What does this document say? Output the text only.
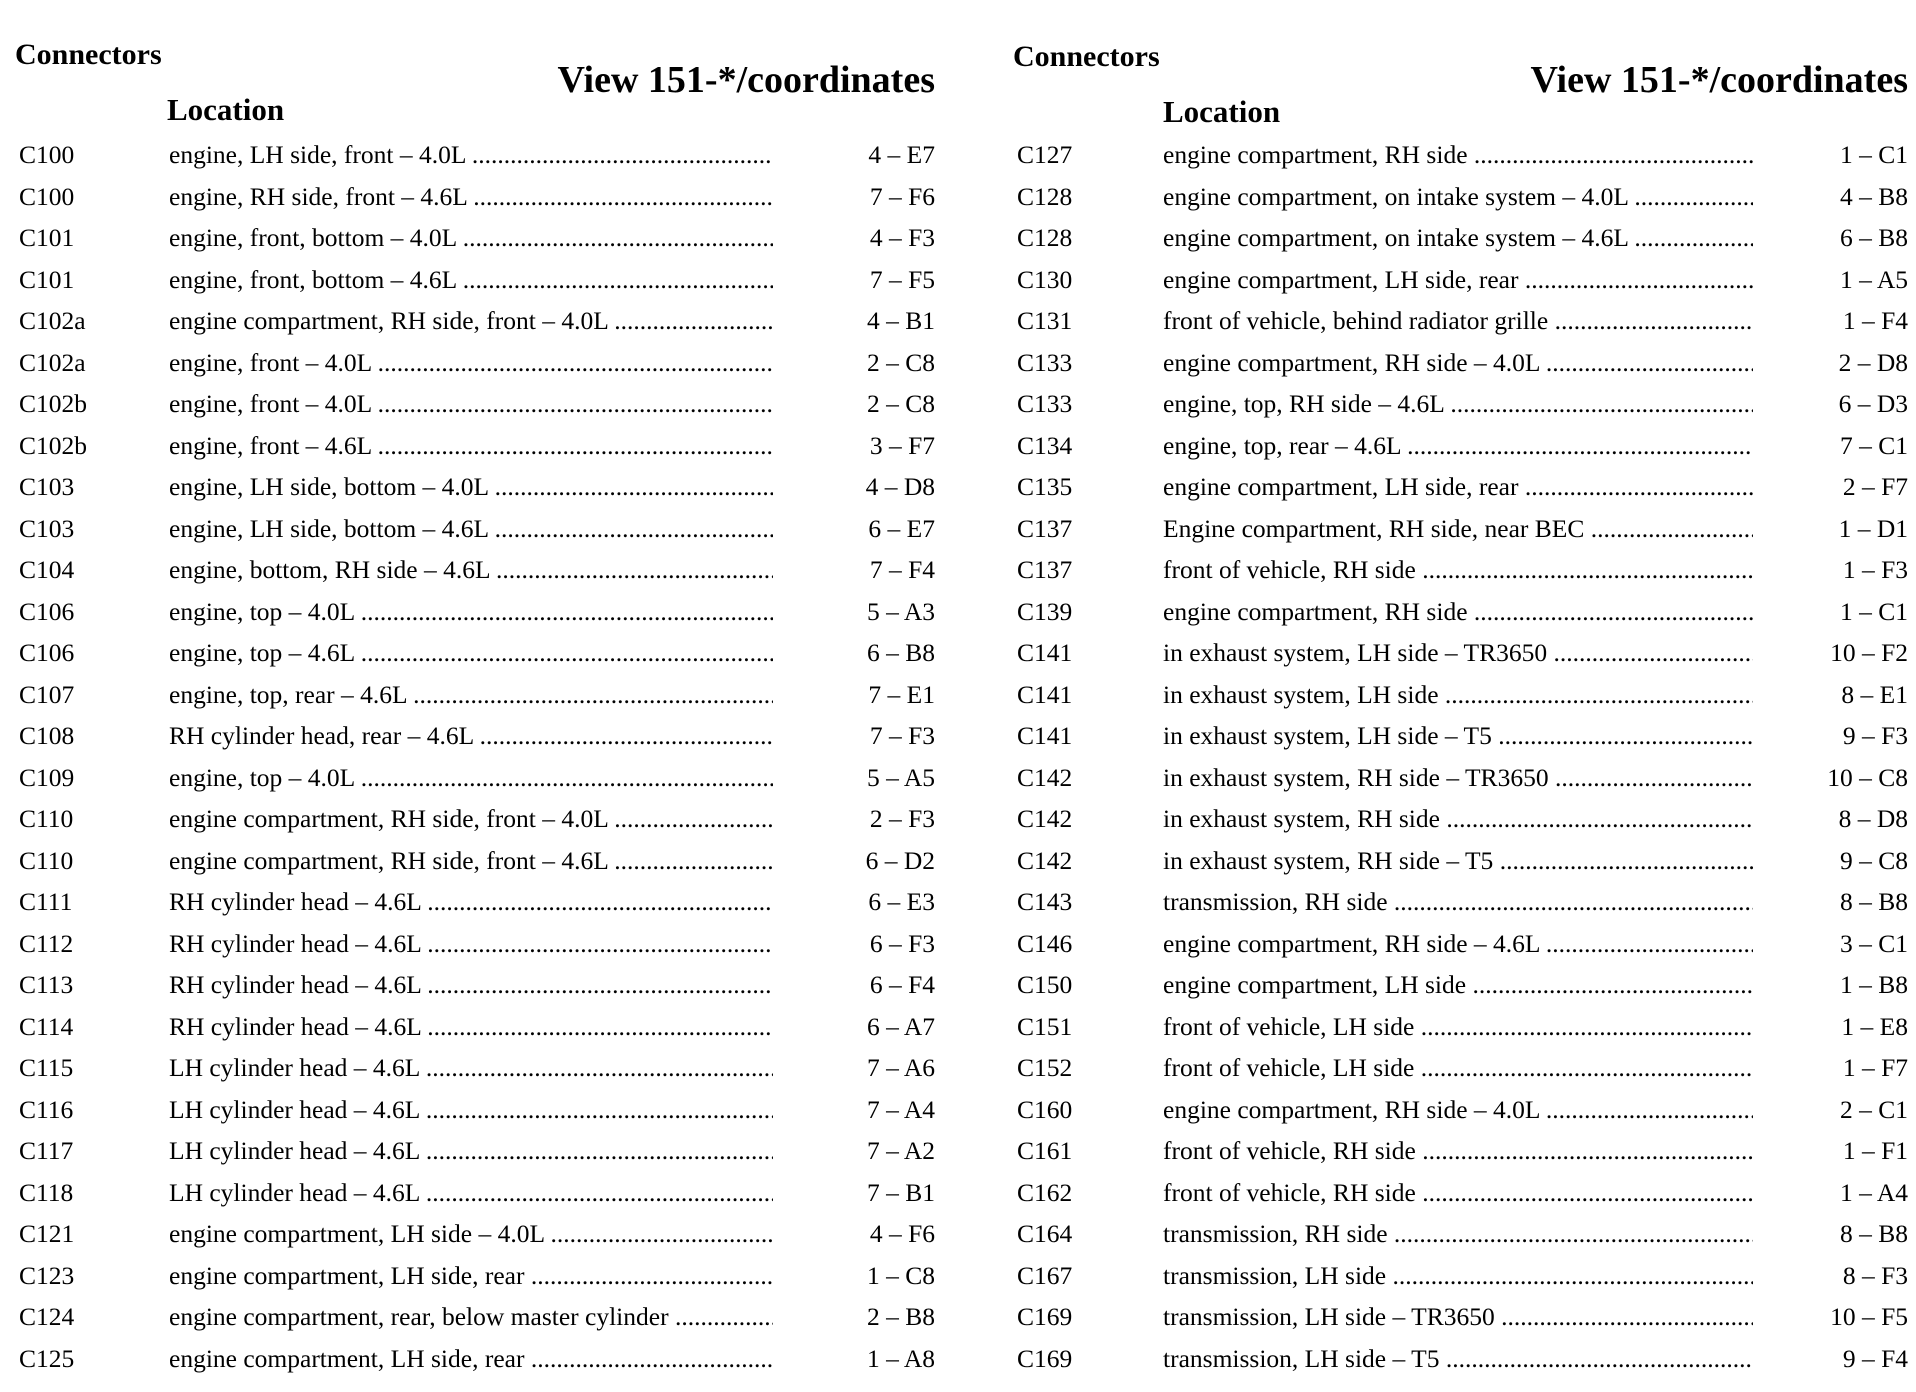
Connectors
Location
View 151-*/coordinates
C100	engine, LH side, front – 4.0L .....	4 – E7
C100	engine, RH side, front – 4.6L .....	7 – F6
C101	engine, front, bottom – 4.0L .....	4 – F3
C101	engine, front, bottom – 4.6L .....	7 – F5
C102a	engine compartment, RH side, front – 4.0L .....	4 – B1
C102a	engine, front – 4.0L .....	2 – C8
C102b	engine, front – 4.0L .....	2 – C8
C102b	engine, front – 4.6L .....	3 – F7
C103	engine, LH side, bottom – 4.0L .....	4 – D8
C103	engine, LH side, bottom – 4.6L .....	6 – E7
C104	engine, bottom, RH side – 4.6L .....	7 – F4
C106	engine, top – 4.0L .....	5 – A3
C106	engine, top – 4.6L .....	6 – B8
C107	engine, top, rear – 4.6L .....	7 – E1
C108	RH cylinder head, rear – 4.6L .....	7 – F3
C109	engine, top – 4.0L .....	5 – A5
C110	engine compartment, RH side, front – 4.0L .....	2 – F3
C110	engine compartment, RH side, front – 4.6L .....	6 – D2
C111	RH cylinder head – 4.6L .....	6 – E3
C112	RH cylinder head – 4.6L .....	6 – F3
C113	RH cylinder head – 4.6L .....	6 – F4
C114	RH cylinder head – 4.6L .....	6 – A7
C115	LH cylinder head – 4.6L .....	7 – A6
C116	LH cylinder head – 4.6L .....	7 – A4
C117	LH cylinder head – 4.6L .....	7 – A2
C118	LH cylinder head – 4.6L .....	7 – B1
C121	engine compartment, LH side – 4.0L .....	4 – F6
C123	engine compartment, LH side, rear .....	1 – C8
C124	engine compartment, rear, below master cylinder .....	2 – B8
C125	engine compartment, LH side, rear .....	1 – A8
Connectors
Location
View 151-*/coordinates
C127	engine compartment, RH side .....	1 – C1
C128	engine compartment, on intake system – 4.0L .....	4 – B8
C128	engine compartment, on intake system – 4.6L .....	6 – B8
C130	engine compartment, LH side, rear .....	1 – A5
C131	front of vehicle, behind radiator grille .....	1 – F4
C133	engine compartment, RH side – 4.0L .....	2 – D8
C133	engine, top, RH side – 4.6L .....	6 – D3
C134	engine, top, rear – 4.6L .....	7 – C1
C135	engine compartment, LH side, rear .....	2 – F7
C137	Engine compartment, RH side, near BEC .....	1 – D1
C137	front of vehicle, RH side .....	1 – F3
C139	engine compartment, RH side .....	1 – C1
C141	in exhaust system, LH side – TR3650 .....	10 – F2
C141	in exhaust system, LH side .....	8 – E1
C141	in exhaust system, LH side – T5 .....	9 – F3
C142	in exhaust system, RH side – TR3650 .....	10 – C8
C142	in exhaust system, RH side .....	8 – D8
C142	in exhaust system, RH side – T5 .....	9 – C8
C143	transmission, RH side .....	8 – B8
C146	engine compartment, RH side – 4.6L .....	3 – C1
C150	engine compartment, LH side .....	1 – B8
C151	front of vehicle, LH side .....	1 – E8
C152	front of vehicle, LH side .....	1 – F7
C160	engine compartment, RH side – 4.0L .....	2 – C1
C161	front of vehicle, RH side .....	1 – F1
C162	front of vehicle, RH side .....	1 – A4
C164	transmission, RH side .....	8 – B8
C167	transmission, LH side .....	8 – F3
C169	transmission, LH side – TR3650 .....	10 – F5
C169	transmission, LH side – T5 .....	9 – F4
